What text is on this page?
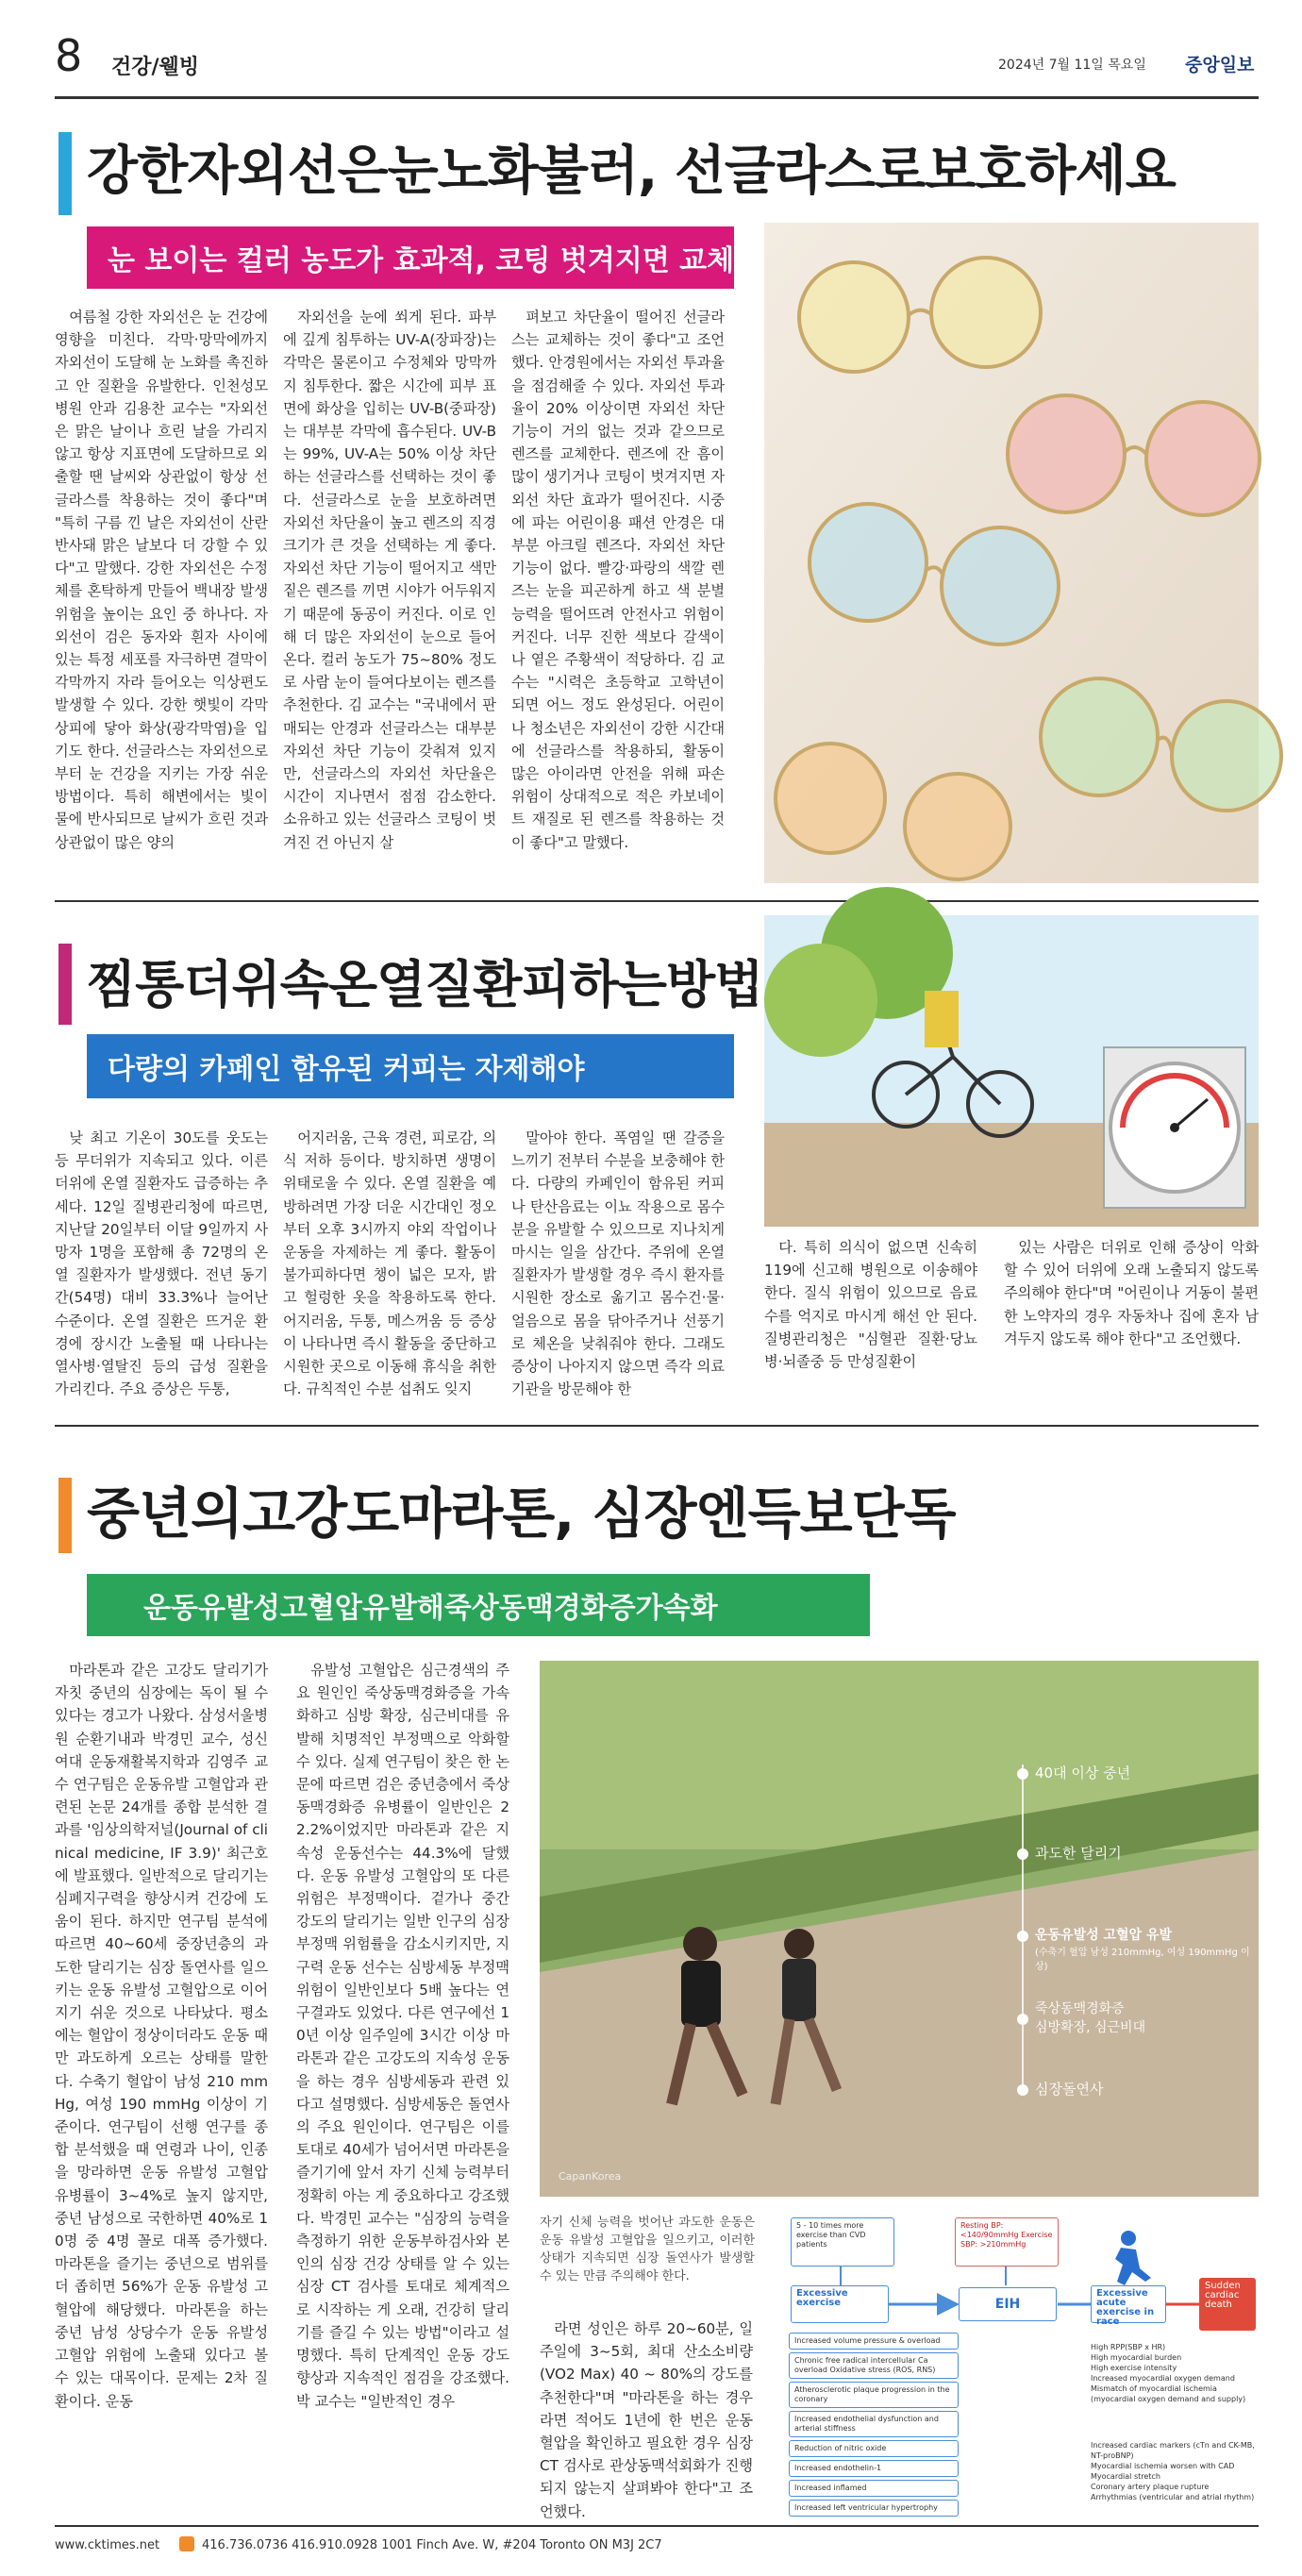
8 건강/웰빙	2024년 7월 11일 목요일 중앙일보
강한자외선은눈노화불러, 선글라스로보호하세요
눈 보이는 컬러 농도가 효과적, 코팅 벗겨지면 교체

여름철 강한 자외선은 눈 건강에 영향을 미친다. 각막·망막에까지 자외선이 도달해 눈 노화를 촉진하고 안 질환을 유발한다. 인천성모병원 안과 김용찬 교수는 "자외선은 맑은 날이나 흐린 날을 가리지 않고 항상 지표면에 도달하므로 외출할 땐 날씨와 상관없이 항상 선글라스를 착용하는 것이 좋다"며 "특히 구름 낀 날은 자외선이 산란반사돼 맑은 날보다 더 강할 수 있다"고 말했다. 강한 자외선은 수정체를 혼탁하게 만들어 백내장 발생 위험을 높이는 요인 중 하나다. 자외선이 검은 동자와 흰자 사이에 있는 특정 세포를 자극하면 결막이 각막까지 자라 들어오는 익상편도 발생할 수 있다. 강한 햇빛이 각막 상피에 닿아 화상(광각막염)을 입기도 한다. 선글라스는 자외선으로부터 눈 건강을 지키는 가장 쉬운 방법이다. 특히 해변에서는 빛이 물에 반사되므로 날씨가 흐린 것과 상관없이 많은 양의

자외선을 눈에 쐬게 된다. 파부에 깊게 침투하는 UV-A(장파장)는 각막은 물론이고 수정체와 망막까지 침투한다. 짧은 시간에 피부 표면에 화상을 입히는 UV-B(중파장)는 대부분 각막에 흡수된다. UV-B는 99%, UV-A는 50% 이상 차단하는 선글라스를 선택하는 것이 좋다. 선글라스로 눈을 보호하려면 자외선 차단율이 높고 렌즈의 직경 크기가 큰 것을 선택하는 게 좋다. 자외선 차단 기능이 떨어지고 색만 짙은 렌즈를 끼면 시야가 어두워지기 때문에 동공이 커진다. 이로 인해 더 많은 자외선이 눈으로 들어온다. 컬러 농도가 75~80% 정도로 사람 눈이 들여다보이는 렌즈를 추천한다. 김 교수는 "국내에서 판매되는 안경과 선글라스는 대부분 자외선 차단 기능이 갖춰져 있지만, 선글라스의 자외선 차단율은 시간이 지나면서 점점 감소한다. 소유하고 있는 선글라스 코팅이 벗겨진 건 아닌지 살

펴보고 차단율이 떨어진 선글라스는 교체하는 것이 좋다"고 조언했다. 안경원에서는 자외선 투과율을 점검해줄 수 있다. 자외선 투과율이 20% 이상이면 자외선 차단 기능이 거의 없는 것과 같으므로 렌즈를 교체한다. 렌즈에 잔 흠이 많이 생기거나 코팅이 벗겨지면 자외선 차단 효과가 떨어진다. 시중에 파는 어린이용 패션 안경은 대부분 아크릴 렌즈다. 자외선 차단 기능이 없다. 빨강·파랑의 색깔 렌즈는 눈을 피곤하게 하고 색 분별 능력을 떨어뜨려 안전사고 위험이 커진다. 너무 진한 색보다 갈색이나 옅은 주황색이 적당하다. 김 교수는 "시력은 초등학교 고학년이 되면 어느 정도 완성된다. 어린이나 청소년은 자외선이 강한 시간대에 선글라스를 착용하되, 활동이 많은 아이라면 안전을 위해 파손 위험이 상대적으로 적은 카보네이트 재질로 된 렌즈를 착용하는 것이 좋다"고 말했다.

찜통더위속온열질환피하는방법
다량의 카페인 함유된 커피는 자제해야

낮 최고 기온이 30도를 웃도는 등 무더위가 지속되고 있다. 이른 더위에 온열 질환자도 급증하는 추세다. 12일 질병관리청에 따르면, 지난달 20일부터 이달 9일까지 사망자 1명을 포함해 총 72명의 온열 질환자가 발생했다. 전년 동기간(54명) 대비 33.3%나 늘어난 수준이다. 온열 질환은 뜨거운 환경에 장시간 노출될 때 나타나는 열사병·열탈진 등의 급성 질환을 가리킨다. 주요 증상은 두통,

어지러움, 근육 경련, 피로감, 의식 저하 등이다. 방치하면 생명이 위태로울 수 있다. 온열 질환을 예방하려면 가장 더운 시간대인 정오부터 오후 3시까지 야외 작업이나 운동을 자제하는 게 좋다. 활동이 불가피하다면 챙이 넓은 모자, 밝고 헐렁한 옷을 착용하도록 한다. 어지러움, 두통, 메스꺼움 등 증상이 나타나면 즉시 활동을 중단하고 시원한 곳으로 이동해 휴식을 취한다. 규칙적인 수분 섭취도 잊지

말아야 한다. 폭염일 땐 갈증을 느끼기 전부터 수분을 보충해야 한다. 다량의 카페인이 함유된 커피나 탄산음료는 이뇨 작용으로 몸수분을 유발할 수 있으므로 지나치게 마시는 일을 삼간다. 주위에 온열 질환자가 발생할 경우 즉시 환자를 시원한 장소로 옮기고 몸수건·물·얼음으로 몸을 닦아주거나 선풍기로 체온을 낮춰줘야 한다. 그래도 증상이 나아지지 않으면 즉각 의료기관을 방문해야 한

다. 특히 의식이 없으면 신속히 119에 신고해 병원으로 이송해야 한다. 질식 위험이 있으므로 음료수를 억지로 마시게 해선 안 된다. 질병관리청은 "심혈관 질환·당뇨병·뇌졸중 등 만성질환이

있는 사람은 더위로 인해 증상이 악화할 수 있어 더위에 오래 노출되지 않도록 주의해야 한다"며 "어린이나 거동이 불편한 노약자의 경우 자동차나 집에 혼자 남겨두지 않도록 해야 한다"고 조언했다.

중년의고강도마라톤, 심장엔득보단독
운동유발성고혈압유발해죽상동맥경화증가속화
40대 이상 중년
과도한 달리기
운동유발성 고혈압 유발
(수축기 혈압 남성 210mmHg, 여성 190mmHg 이상)
죽상동맥경화증
심방확장, 심근비대
심장돌연사
CapanKorea

마라톤과 같은 고강도 달리기가 자칫 중년의 심장에는 독이 될 수 있다는 경고가 나왔다. 삼성서울병원 순환기내과 박경민 교수, 성신여대 운동재활복지학과 김영주 교수 연구팀은 운동유발 고혈압과 관련된 논문 24개를 종합 분석한 결과를 '임상의학저널(Journal of clinical medicine, IF 3.9)' 최근호에 발표했다. 일반적으로 달리기는 심폐지구력을 향상시켜 건강에 도움이 된다. 하지만 연구팀 분석에 따르면 40~60세 중장년층의 과도한 달리기는 심장 돌연사를 일으키는 운동 유발성 고혈압으로 이어지기 쉬운 것으로 나타났다. 평소에는 혈압이 정상이더라도 운동 때만 과도하게 오르는 상태를 말한다. 수축기 혈압이 남성 210 mmHg, 여성 190 mmHg 이상이 기준이다. 연구팀이 선행 연구를 종합 분석했을 때 연령과 나이, 인종을 망라하면 운동 유발성 고혈압 유병률이 3~4%로 높지 않지만, 중년 남성으로 국한하면 40%로 10명 중 4명 꼴로 대폭 증가했다. 마라톤을 즐기는 중년으로 범위를 더 좁히면 56%가 운동 유발성 고혈압에 해당했다. 마라톤을 하는 중년 남성 상당수가 운동 유발성 고혈압 위험에 노출돼 있다고 볼 수 있는 대목이다. 문제는 2차 질환이다. 운동

유발성 고혈압은 심근경색의 주요 원인인 죽상동맥경화증을 가속화하고 심방 확장, 심근비대를 유발해 치명적인 부정맥으로 악화할 수 있다. 실제 연구팀이 찾은 한 논문에 따르면 검은 중년층에서 죽상동맥경화증 유병률이 일반인은 22.2%이었지만 마라톤과 같은 지속성 운동선수는 44.3%에 달했다. 운동 유발성 고혈압의 또 다른 위험은 부정맥이다. 겉가나 중간 강도의 달리기는 일반 인구의 심장 부정맥 위험률을 감소시키지만, 지구력 운동 선수는 심방세동 부정맥 위험이 일반인보다 5배 높다는 연구결과도 있었다. 다른 연구에선 10년 이상 일주일에 3시간 이상 마라톤과 같은 고강도의 지속성 운동을 하는 경우 심방세동과 관련 있다고 설명했다. 심방세동은 돌연사의 주요 원인이다. 연구팀은 이를 토대로 40세가 넘어서면 마라톤을 즐기기에 앞서 자기 신체 능력부터 정확히 아는 게 중요하다고 강조했다. 박경민 교수는 "심장의 능력을 측정하기 위한 운동부하검사와 본인의 심장 건강 상태를 알 수 있는 심장 CT 검사를 토대로 체계적으로 시작하는 게 오래, 건강히 달리기를 즐길 수 있는 방법"이라고 설명했다. 특히 단계적인 운동 강도 향상과 지속적인 점검을 강조했다. 박 교수는 "일반적인 경우

자기 신체 능력을 벗어난 과도한 운동은 운동 유발성 고혈압을 일으키고, 이러한 상태가 지속되면 심장 돌연사가 발생할 수 있는 만큼 주의해야 한다.

라면 성인은 하루 20~60분, 일주일에 3~5회, 최대 산소소비량(VO2 Max) 40 ~ 80%의 강도를 추천한다"며 "마라톤을 하는 경우라면 적어도 1년에 한 번은 운동 혈압을 확인하고 필요한 경우 심장 CT 검사로 관상동맥석회화가 진행되지 않는지 살펴봐야 한다"고 조언했다.

5 - 10 times more exercise than CVD patients
Resting BP: <140/90mmHg Exercise SBP: >210mmHg
Excessive exercise	EIH
Excessive acute exercise in race
Sudden cardiac death
Increased volume pressure & overload
Chronic free radical intercellular Ca overload Oxidative stress (ROS, RNS)
Atherosclerotic plaque progression in the coronary
Increased endothelial dysfunction and arterial stiffness
Reduction of nitric oxide
Increased endothelin-1
Increased inflamed
Increased left ventricular hypertrophy
High RPP(SBP x HR)
High myocardial burden
High exercise intensity
Increased myocardial oxygen demand
Mismatch of myocardial ischemia (myocardial oxygen demand and supply)
Increased cardiac markers (cTn and CK-MB, NT-proBNP)
Myocardial ischemia worsen with CAD
Myocardial stretch
Coronary artery plaque rupture
Arrhythmias (ventricular and atrial rhythm)
www.cktimes.net	416.736.0736 416.910.0928 1001 Finch Ave. W, #204 Toronto ON M3J 2C7
